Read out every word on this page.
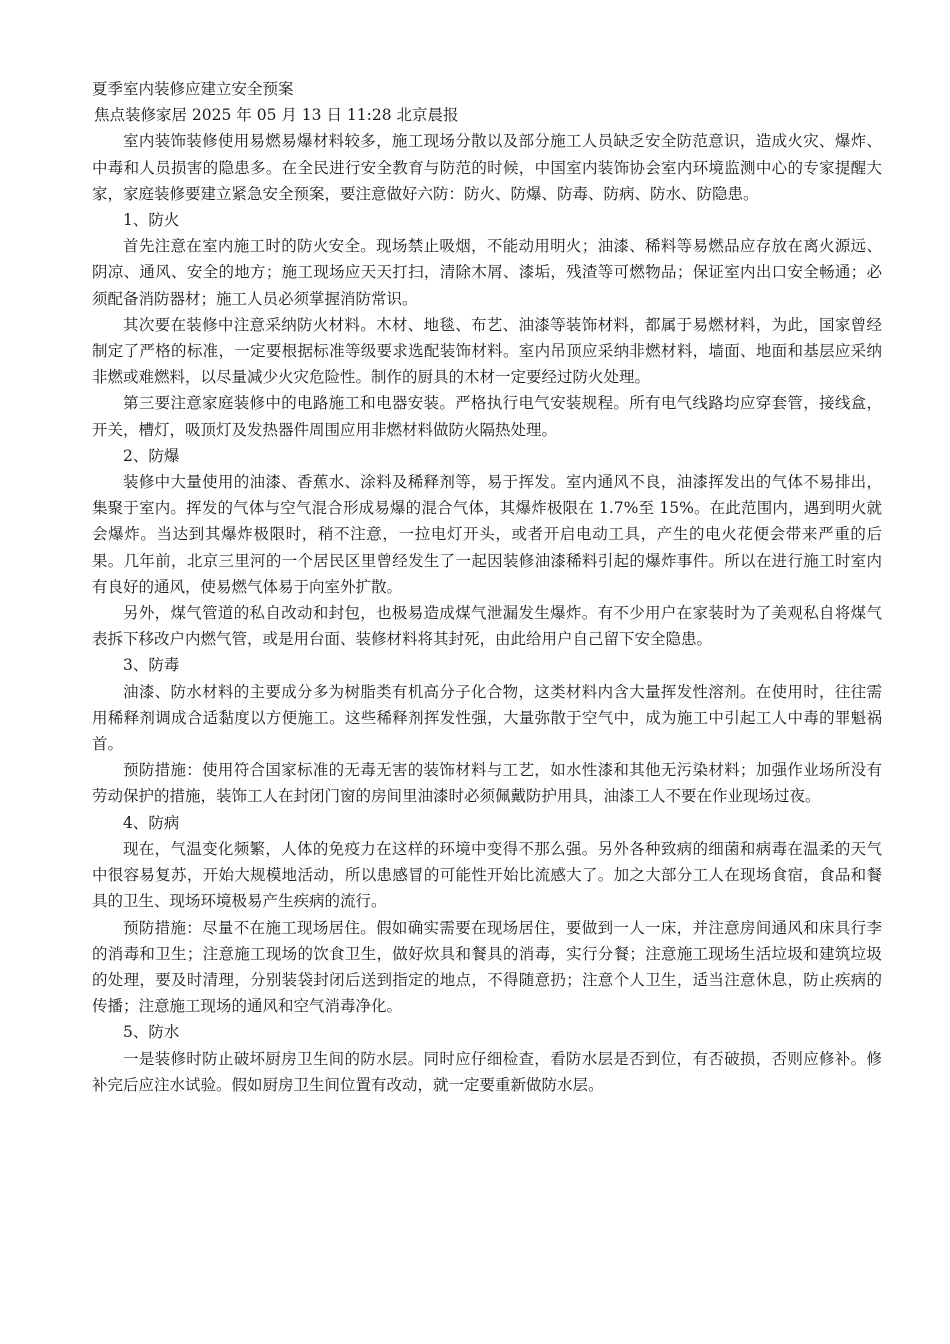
夏季室内装修应建立安全预案

焦点装修家居 2025 年 05 月 13 日 11:28 北京晨报

室内装饰装修使用易燃易爆材料较多，施工现场分散以及部分施工人员缺乏安全防范意识，造成火灾、爆炸、中毒和人员损害的隐患多。在全民进行安全教育与防范的时候，中国室内装饰协会室内环境监测中心的专家提醒大家，家庭装修要建立紧急安全预案，要注意做好六防：防火、防爆、防毒、防病、防水、防隐患。

1、防火

首先注意在室内施工时的防火安全。现场禁止吸烟，不能动用明火；油漆、稀料等易燃品应存放在离火源远、阴凉、通风、安全的地方；施工现场应天天打扫，清除木屑、漆垢，残渣等可燃物品；保证室内出口安全畅通；必须配备消防器材；施工人员必须掌握消防常识。

其次要在装修中注意采纳防火材料。木材、地毯、布艺、油漆等装饰材料，都属于易燃材料，为此，国家曾经制定了严格的标准，一定要根据标准等级要求选配装饰材料。室内吊顶应采纳非燃材料，墙面、地面和基层应采纳非燃或难燃料，以尽量减少火灾危险性。制作的厨具的木材一定要经过防火处理。

第三要注意家庭装修中的电路施工和电器安装。严格执行电气安装规程。所有电气线路均应穿套管，接线盒，开关，槽灯，吸顶灯及发热器件周围应用非燃材料做防火隔热处理。

2、防爆

装修中大量使用的油漆、香蕉水、涂料及稀释剂等，易于挥发。室内通风不良，油漆挥发出的气体不易排出，集聚于室内。挥发的气体与空气混合形成易爆的混合气体，其爆炸极限在 1.7%至 15%。在此范围内，遇到明火就会爆炸。当达到其爆炸极限时，稍不注意，一拉电灯开头，或者开启电动工具，产生的电火花便会带来严重的后果。几年前，北京三里河的一个居民区里曾经发生了一起因装修油漆稀料引起的爆炸事件。所以在进行施工时室内有良好的通风，使易燃气体易于向室外扩散。

另外，煤气管道的私自改动和封包，也极易造成煤气泄漏发生爆炸。有不少用户在家装时为了美观私自将煤气表拆下移改户内燃气管，或是用台面、装修材料将其封死，由此给用户自己留下安全隐患。

3、防毒

油漆、防水材料的主要成分多为树脂类有机高分子化合物，这类材料内含大量挥发性溶剂。在使用时，往往需用稀释剂调成合适黏度以方便施工。这些稀释剂挥发性强，大量弥散于空气中，成为施工中引起工人中毒的罪魁祸首。

预防措施：使用符合国家标准的无毒无害的装饰材料与工艺，如水性漆和其他无污染材料；加强作业场所没有劳动保护的措施，装饰工人在封闭门窗的房间里油漆时必须佩戴防护用具，油漆工人不要在作业现场过夜。

4、防病

现在，气温变化频繁，人体的免疫力在这样的环境中变得不那么强。另外各种致病的细菌和病毒在温柔的天气中很容易复苏，开始大规模地活动，所以患感冒的可能性开始比流感大了。加之大部分工人在现场食宿，食品和餐具的卫生、现场环境极易产生疾病的流行。

预防措施：尽量不在施工现场居住。假如确实需要在现场居住，要做到一人一床，并注意房间通风和床具行李的消毒和卫生；注意施工现场的饮食卫生，做好炊具和餐具的消毒，实行分餐；注意施工现场生活垃圾和建筑垃圾的处理，要及时清理，分别装袋封闭后送到指定的地点，不得随意扔；注意个人卫生，适当注意休息，防止疾病的传播；注意施工现场的通风和空气消毒净化。

5、防水

一是装修时防止破坏厨房卫生间的防水层。同时应仔细检查，看防水层是否到位，有否破损，否则应修补。修补完后应注水试验。假如厨房卫生间位置有改动，就一定要重新做防水层。
